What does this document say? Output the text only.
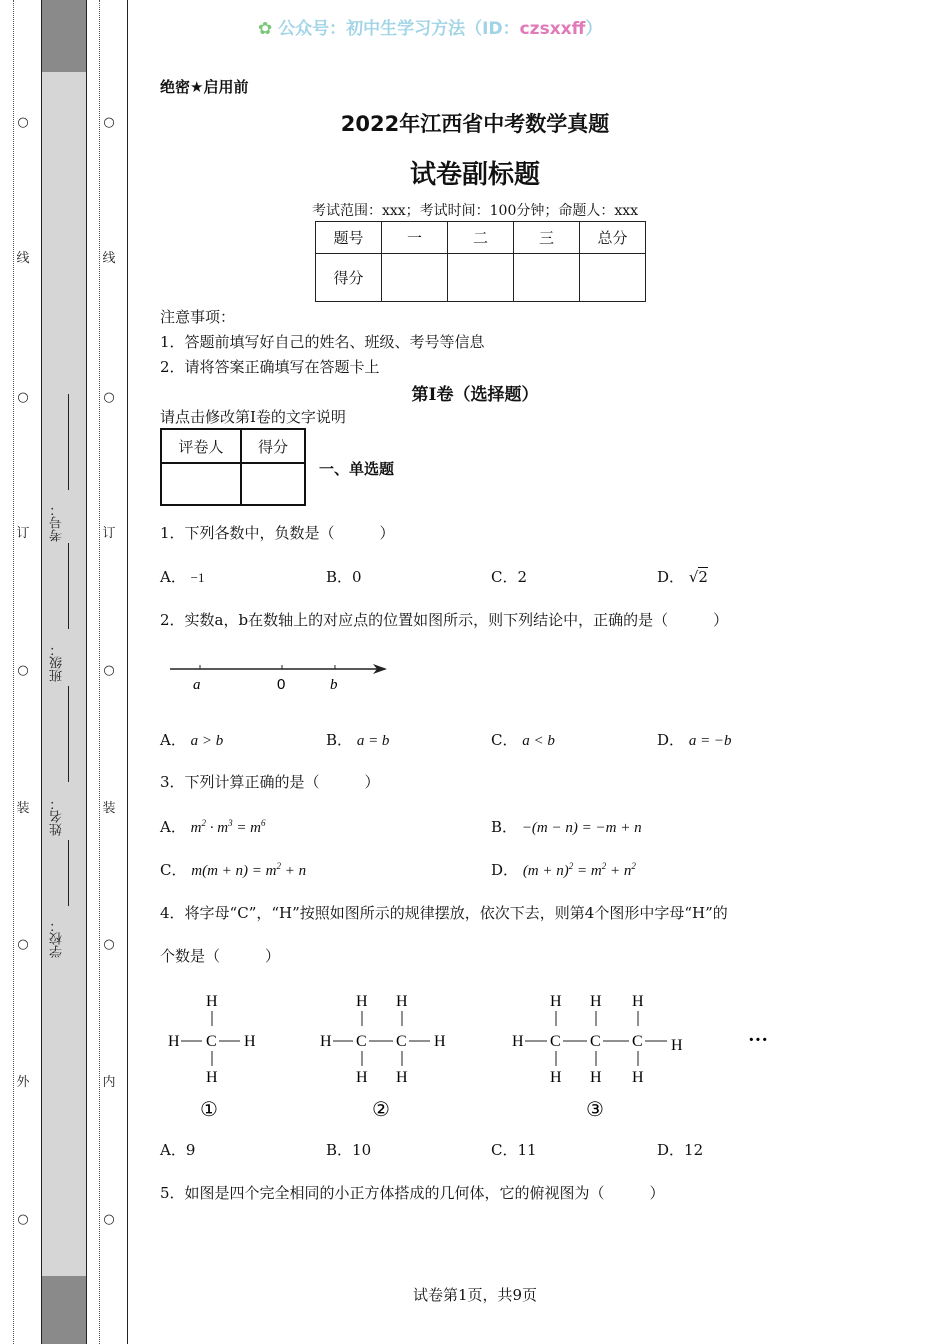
✿ 公众号：初中生学习方法（ID：czsxxff）
○
线
○
订
○
装
○
外
○
○
线
○
订
○
装
○
内
○
考号：
班级：
姓名：
学校：
绝密★启用前
2022年江西省中考数学真题
试卷副标题
考试范围：xxx；考试时间：100分钟；命题人：xxx
题号	一	二	三	总分
得分				
注意事项：
1．答题前填写好自己的姓名、班级、考号等信息
2．请将答案正确填写在答题卡上
第I卷（选择题）
请点击修改第I卷的文字说明
评卷人	得分

一、单选题
1．下列各数中，负数是（　　　）
A． −1	B．0	C．2	D． √2
2．实数a，b在数轴上的对应点的位置如图所示，则下列结论中，正确的是（　　　）
a	0	b
A． a > b	B． a = b	C． a < b	D． a = −b
3．下列计算正确的是（　　　）
A． $m^2 \cdot m^3 = m^6$	B． −(m − n) = −m + n
C． $m(m + n) = m^2 + n$	D． $(m + n)^2 = m^2 + n^2$
4．将字母“C”，“H”按照如图所示的规律摆放，依次下去，则第4个图形中字母“H”的
个数是（　　　）
H
H C H
H
①
H H
H C C H
H H
②
H H H
H C C C H
H H H
③
···
A．9	B．10	C．11	D．12
5．如图是四个完全相同的小正方体搭成的几何体，它的俯视图为（　　　）
试卷第1页，共9页
